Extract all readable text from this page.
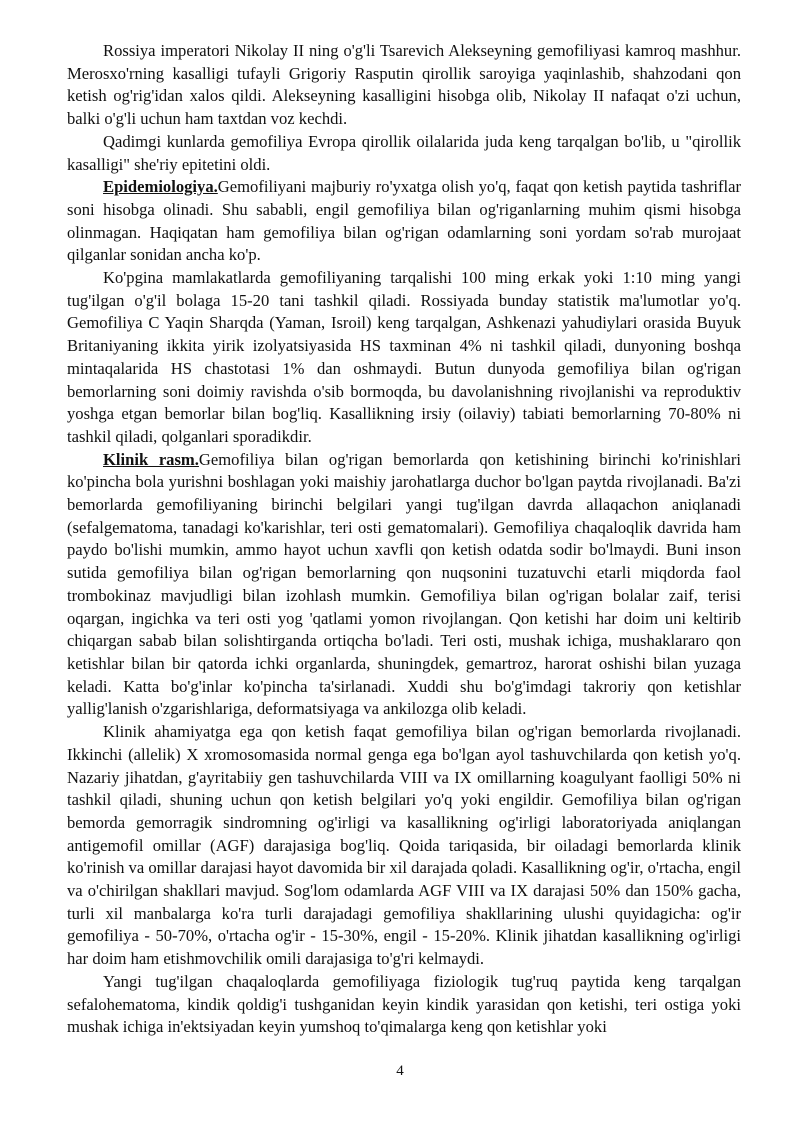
Rossiya imperatori Nikolay II ning o'g'li Tsarevich Alekseyning gemofiliyasi kamroq mashhur. Merosxo'rning kasalligi tufayli Grigoriy Rasputin qirollik saroyiga yaqinlashib, shahzodani qon ketish og'rig'idan xalos qildi. Alekseyning kasalligini hisobga olib, Nikolay II nafaqat o'zi uchun, balki o'g'li uchun ham taxtdan voz kechdi.

Qadimgi kunlarda gemofiliya Evropa qirollik oilalarida juda keng tarqalgan bo'lib, u "qirollik kasalligi" she'riy epitetini oldi.

Epidemiologiya.Gemofiliyani majburiy ro'yxatga olish yo'q, faqat qon ketish paytida tashriflar soni hisobga olinadi. Shu sababli, engil gemofiliya bilan og'riganlarning muhim qismi hisobga olinmagan. Haqiqatan ham gemofiliya bilan og'rigan odamlarning soni yordam so'rab murojaat qilganlar sonidan ancha ko'p.

Ko'pgina mamlakatlarda gemofiliyaning tarqalishi 100 ming erkak yoki 1:10 ming yangi tug'ilgan o'g'il bolaga 15-20 tani tashkil qiladi. Rossiyada bunday statistik ma'lumotlar yo'q. Gemofiliya C Yaqin Sharqda (Yaman, Isroil) keng tarqalgan, Ashkenazi yahudiylari orasida Buyuk Britaniyaning ikkita yirik izolyatsiyasida HS taxminan 4% ni tashkil qiladi, dunyoning boshqa mintaqalarida HS chastotasi 1% dan oshmaydi. Butun dunyoda gemofiliya bilan og'rigan bemorlarning soni doimiy ravishda o'sib bormoqda, bu davolanishning rivojlanishi va reproduktiv yoshga etgan bemorlar bilan bog'liq. Kasallikning irsiy (oilaviy) tabiati bemorlarning 70-80% ni tashkil qiladi, qolganlari sporadikdir.

Klinik rasm.Gemofiliya bilan og'rigan bemorlarda qon ketishining birinchi ko'rinishlari ko'pincha bola yurishni boshlagan yoki maishiy jarohatlarga duchor bo'lgan paytda rivojlanadi. Ba'zi bemorlarda gemofiliyaning birinchi belgilari yangi tug'ilgan davrda allaqachon aniqlanadi (sefalgematoma, tanadagi ko'karishlar, teri osti gematomalari). Gemofiliya chaqaloqlik davrida ham paydo bo'lishi mumkin, ammo hayot uchun xavfli qon ketish odatda sodir bo'lmaydi. Buni inson sutida gemofiliya bilan og'rigan bemorlarning qon nuqsonini tuzatuvchi etarli miqdorda faol trombokinaz mavjudligi bilan izohlash mumkin. Gemofiliya bilan og'rigan bolalar zaif, terisi oqargan, ingichka va teri osti yog 'qatlami yomon rivojlangan. Qon ketishi har doim uni keltirib chiqargan sabab bilan solishtirganda ortiqcha bo'ladi. Teri osti, mushak ichiga, mushaklararo qon ketishlar bilan bir qatorda ichki organlarda, shuningdek, gemartroz, harorat oshishi bilan yuzaga keladi. Katta bo'g'inlar ko'pincha ta'sirlanadi. Xuddi shu bo'g'imdagi takroriy qon ketishlar yallig'lanish o'zgarishlariga, deformatsiyaga va ankilozga olib keladi.

Klinik ahamiyatga ega qon ketish faqat gemofiliya bilan og'rigan bemorlarda rivojlanadi. Ikkinchi (allelik) X xromosomasida normal genga ega bo'lgan ayol tashuvchilarda qon ketish yo'q. Nazariy jihatdan, g'ayritabiiy gen tashuvchilarda VIII va IX omillarning koagulyant faolligi 50% ni tashkil qiladi, shuning uchun qon ketish belgilari yo'q yoki engildir. Gemofiliya bilan og'rigan bemorda gemorragik sindromning og'irligi va kasallikning og'irligi laboratoriyada aniqlangan antigemofil omillar (AGF) darajasiga bog'liq. Qoida tariqasida, bir oiladagi bemorlarda klinik ko'rinish va omillar darajasi hayot davomida bir xil darajada qoladi. Kasallikning og'ir, o'rtacha, engil va o'chirilgan shakllari mavjud. Sog'lom odamlarda AGF VIII va IX darajasi 50% dan 150% gacha, turli xil manbalarga ko'ra turli darajadagi gemofiliya shakllarining ulushi quyidagicha: og'ir gemofiliya - 50-70%, o'rtacha og'ir - 15-30%, engil - 15-20%. Klinik jihatdan kasallikning og'irligi har doim ham etishmovchilik omili darajasiga to'g'ri kelmaydi.

Yangi tug'ilgan chaqaloqlarda gemofiliyaga fiziologik tug'ruq paytida keng tarqalgan sefalohematoma, kindik qoldig'i tushganidan keyin kindik yarasidan qon ketishi, teri ostiga yoki mushak ichiga in'ektsiyadan keyin yumshoq to'qimalarga keng qon ketishlar yoki

4
